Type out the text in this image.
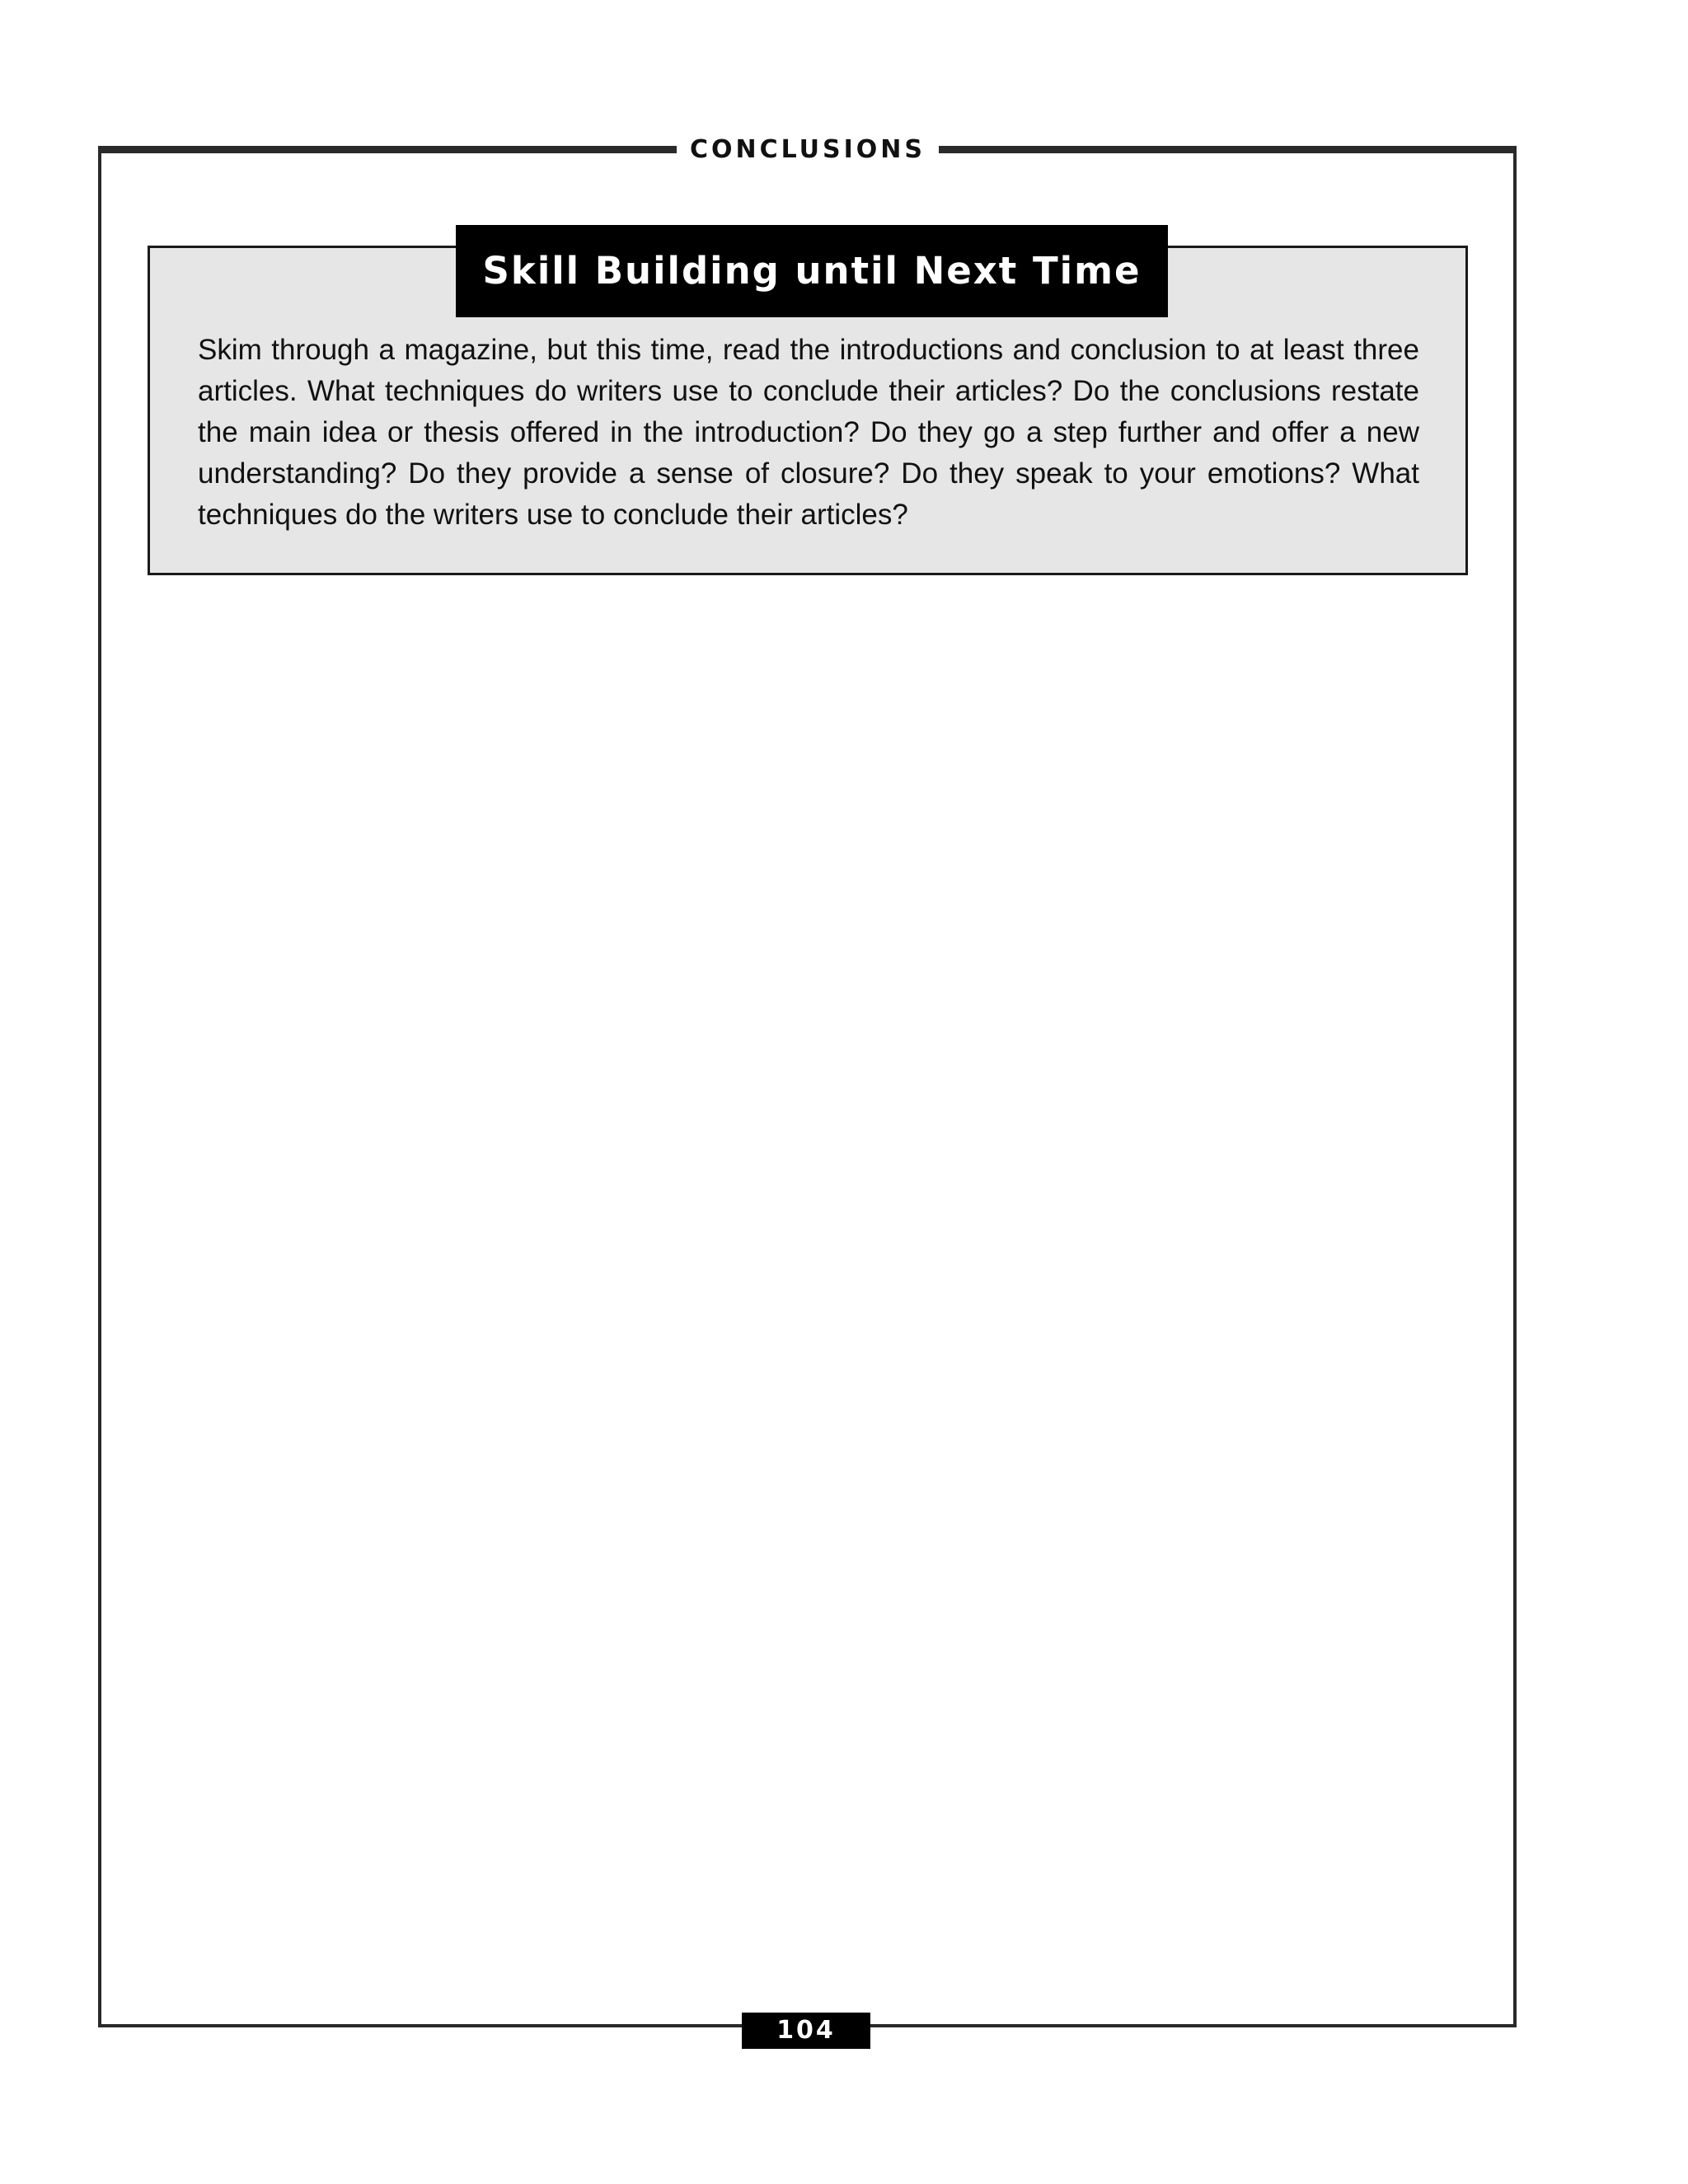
CONCLUSIONS
Skill Building until Next Time

Skim through a magazine, but this time, read the introductions and conclusion to at least three articles. What techniques do writers use to conclude their articles? Do the conclusions restate the main idea or thesis offered in the introduction? Do they go a step further and offer a new understanding? Do they provide a sense of closure? Do they speak to your emotions? What techniques do the writers use to conclude their articles?

104
